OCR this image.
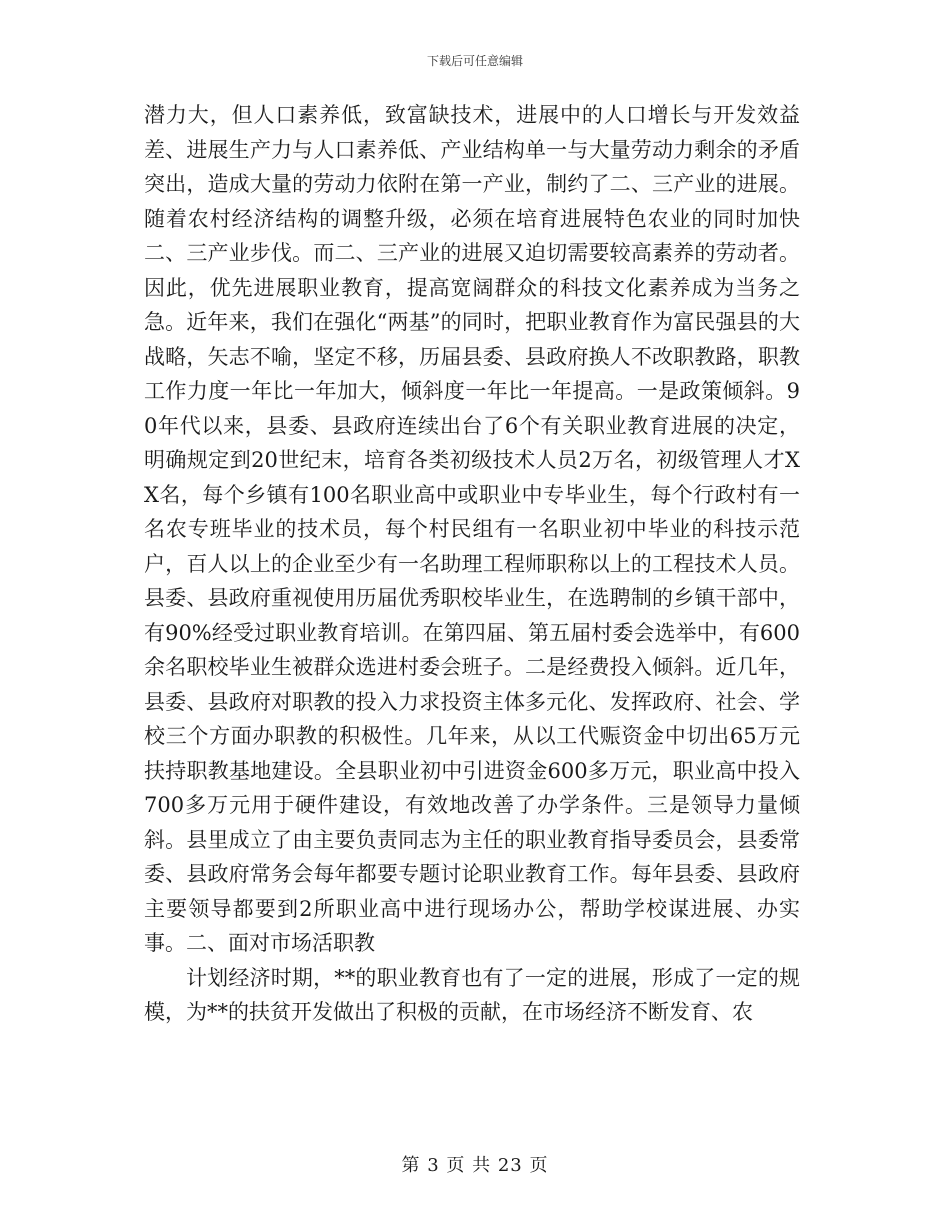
下载后可任意编辑

潜力大，但人口素养低，致富缺技术，进展中的人口增长与开发效益差、进展生产力与人口素养低、产业结构单一与大量劳动力剩余的矛盾突出，造成大量的劳动力依附在第一产业，制约了二、三产业的进展。随着农村经济结构的调整升级，必须在培育进展特色农业的同时加快二、三产业步伐。而二、三产业的进展又迫切需要较高素养的劳动者。因此，优先进展职业教育，提高宽阔群众的科技文化素养成为当务之急。近年来，我们在强化“两基”的同时，把职业教育作为富民强县的大战略，矢志不喻，坚定不移，历届县委、县政府换人不改职教路，职教工作力度一年比一年加大，倾斜度一年比一年提高。一是政策倾斜。90年代以来，县委、县政府连续出台了6个有关职业教育进展的决定，明确规定到20世纪末，培育各类初级技术人员2万名，初级管理人才XX名，每个乡镇有100名职业高中或职业中专毕业生，每个行政村有一名农专班毕业的技术员，每个村民组有一名职业初中毕业的科技示范户，百人以上的企业至少有一名助理工程师职称以上的工程技术人员。县委、县政府重视使用历届优秀职校毕业生，在选聘制的乡镇干部中，有90%经受过职业教育培训。在第四届、第五届村委会选举中，有600余名职校毕业生被群众选进村委会班子。二是经费投入倾斜。近几年，县委、县政府对职教的投入力求投资主体多元化、发挥政府、社会、学校三个方面办职教的积极性。几年来，从以工代赈资金中切出65万元扶持职教基地建设。全县职业初中引进资金600多万元，职业高中投入700多万元用于硬件建设，有效地改善了办学条件。三是领导力量倾斜。县里成立了由主要负责同志为主任的职业教育指导委员会，县委常委、县政府常务会每年都要专题讨论职业教育工作。每年县委、县政府主要领导都要到2所职业高中进行现场办公，帮助学校谋进展、办实事。二、面对市场活职教

计划经济时期，**的职业教育也有了一定的进展，形成了一定的规模，为**的扶贫开发做出了积极的贡献，在市场经济不断发育、农

第 3 页 共 23 页
